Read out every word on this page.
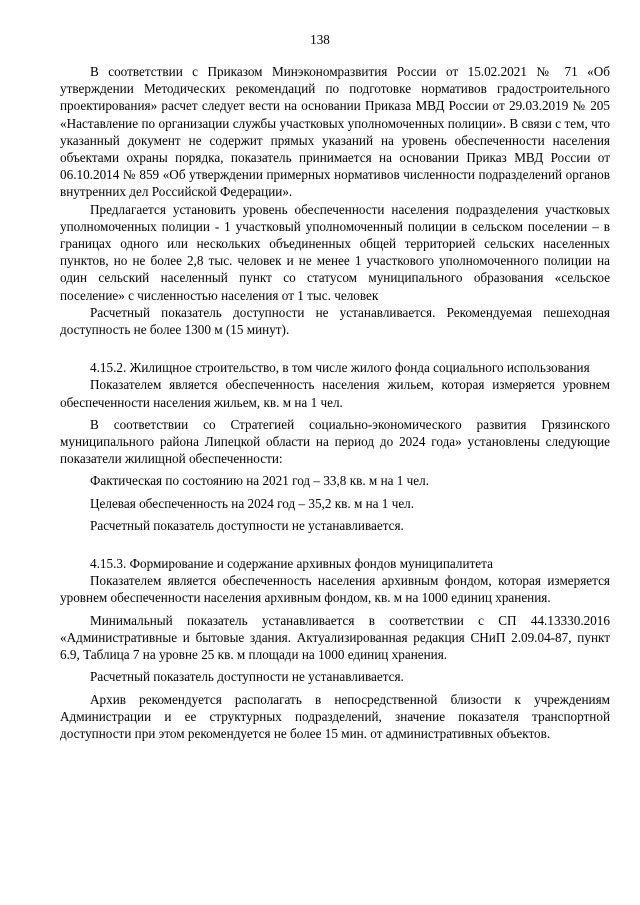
138

В соответствии с Приказом Минэкономразвития России от 15.02.2021 № 71 «Об утверждении Методических рекомендаций по подготовке нормативов градостроительного проектирования» расчет следует вести на основании Приказа МВД России от 29.03.2019 № 205 «Наставление по организации службы участковых уполномоченных полиции». В связи с тем, что указанный документ не содержит прямых указаний на уровень обеспеченности населения объектами охраны порядка, показатель принимается на основании Приказ МВД России от 06.10.2014 № 859 «Об утверждении примерных нормативов численности подразделений органов внутренних дел Российской Федерации».

Предлагается установить уровень обеспеченности населения подразделения участковых уполномоченных полиции - 1 участковый уполномоченный полиции в сельском поселении – в границах одного или нескольких объединенных общей территорией сельских населенных пунктов, но не более 2,8 тыс. человек и не менее 1 участкового уполномоченного полиции на один сельский населенный пункт со статусом муниципального образования «сельское поселение» с численностью населения от 1 тыс. человек

Расчетный показатель доступности не устанавливается. Рекомендуемая пешеходная доступность не более 1300 м (15 минут).

4.15.2. Жилищное строительство, в том числе жилого фонда социального использования

Показателем является обеспеченность населения жильем, которая измеряется уровнем обеспеченности населения жильем, кв. м на 1 чел.

В соответствии со Стратегией социально-экономического развития Грязинского муниципального района Липецкой области на период до 2024 года» установлены следующие показатели жилищной обеспеченности:

Фактическая по состоянию на 2021 год – 33,8 кв. м на 1 чел.

Целевая обеспеченность на 2024 год – 35,2 кв. м на 1 чел.

Расчетный показатель доступности не устанавливается.

4.15.3. Формирование и содержание архивных фондов муниципалитета

Показателем является обеспеченность населения архивным фондом, которая измеряется уровнем обеспеченности населения архивным фондом, кв. м на 1000 единиц хранения.

Минимальный показатель устанавливается в соответствии с СП 44.13330.2016 «Административные и бытовые здания. Актуализированная редакция СНиП 2.09.04-87, пункт 6.9, Таблица 7 на уровне 25 кв. м площади на 1000 единиц хранения.

Расчетный показатель доступности не устанавливается.

Архив рекомендуется располагать в непосредственной близости к учреждениям Администрации и ее структурных подразделений, значение показателя транспортной доступности при этом рекомендуется не более 15 мин. от административных объектов.
